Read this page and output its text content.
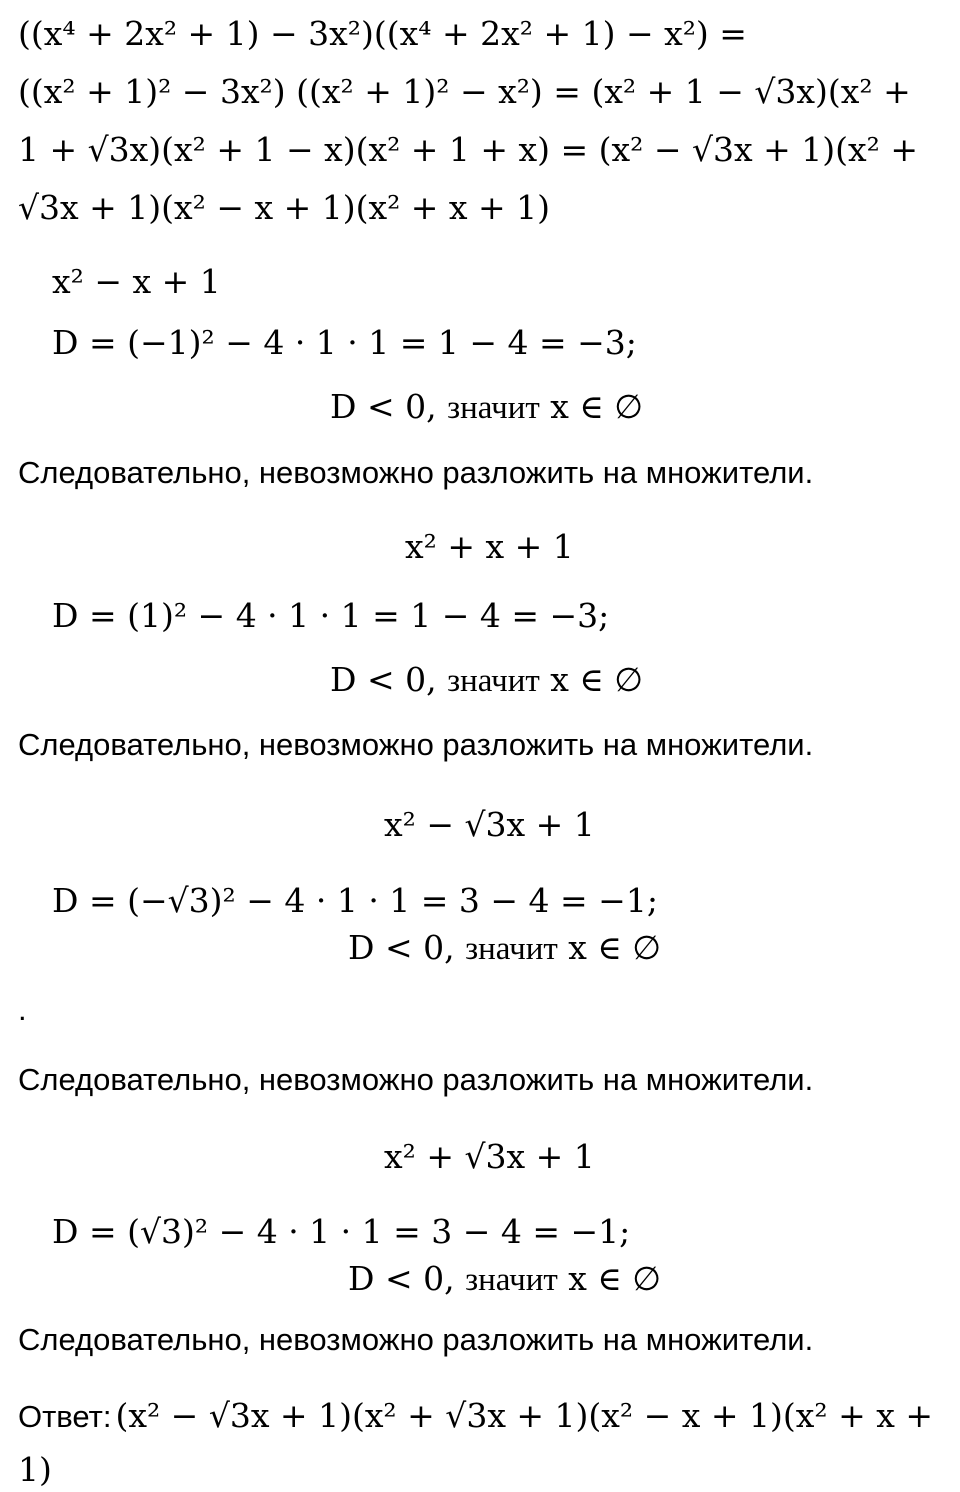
((x⁴ + 2x² + 1) − 3x²)((x⁴ + 2x² + 1) − x²) =
((x² + 1)² − 3x²) ((x² + 1)² − x²) = (x² + 1 − √3x)(x² +
1 + √3x)(x² + 1 − x)(x² + 1 + x) = (x² − √3x + 1)(x² +
√3x + 1)(x² − x + 1)(x² + x + 1)
x² − x + 1
D = (−1)² − 4 · 1 · 1 = 1 − 4 = −3;
D < 0, значит x ∈ ∅
Следовательно, невозможно разложить на множители.
x² + x + 1
D = (1)² − 4 · 1 · 1 = 1 − 4 = −3;
D < 0, значит x ∈ ∅
Следовательно, невозможно разложить на множители.
x² − √3x + 1
D = (−√3)² − 4 · 1 · 1 = 3 − 4 = −1;
D < 0, значит x ∈ ∅
.
Следовательно, невозможно разложить на множители.
x² + √3x + 1
D = (√3)² − 4 · 1 · 1 = 3 − 4 = −1;
D < 0, значит x ∈ ∅
Следовательно, невозможно разложить на множители.
Ответ: (x² − √3x + 1)(x² + √3x + 1)(x² − x + 1)(x² + x +
1)
